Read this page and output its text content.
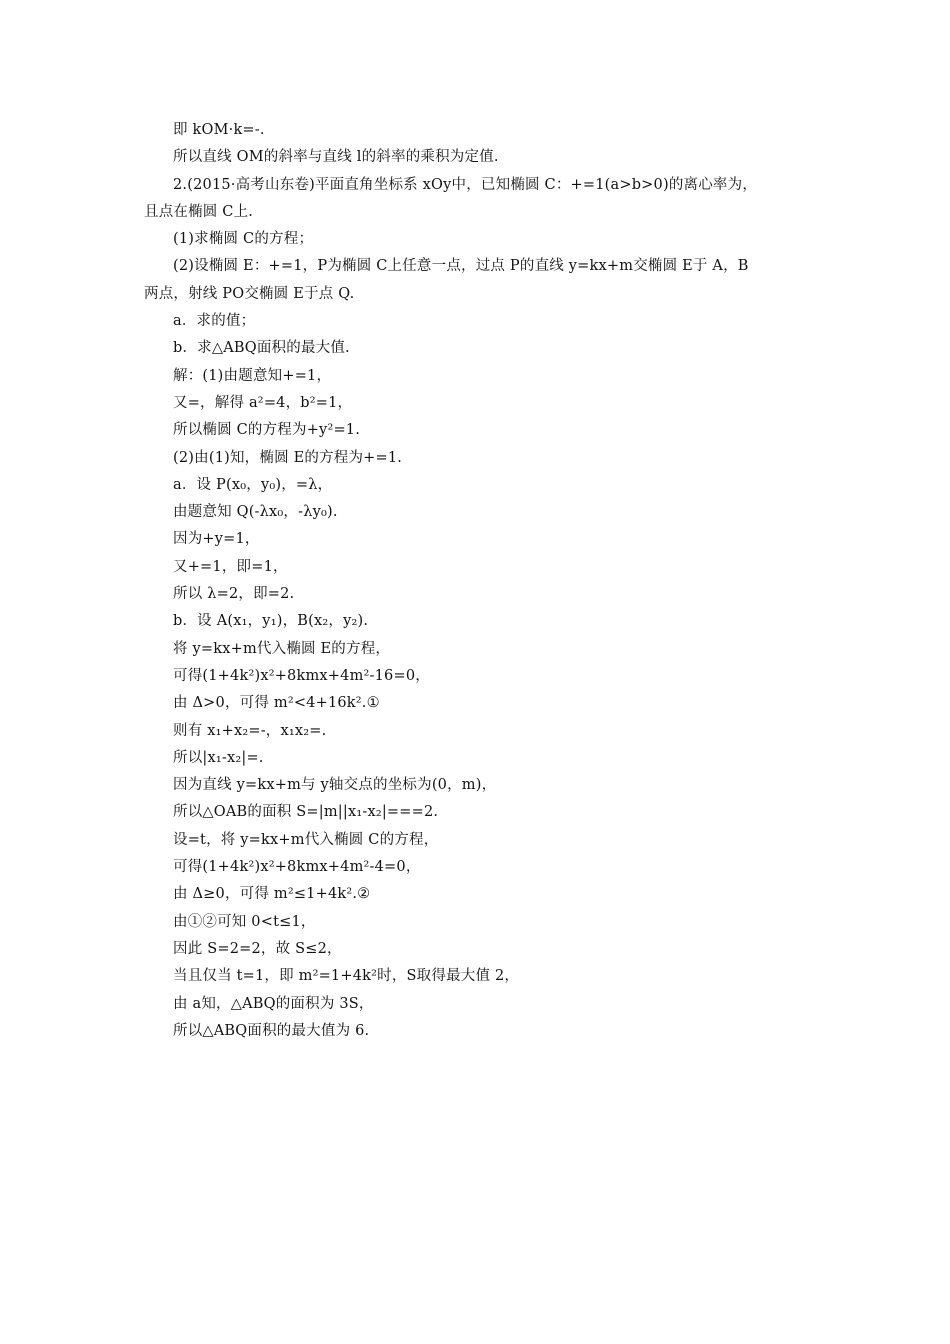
即 kOM·k=-.
所以直线 OM的斜率与直线 l的斜率的乘积为定值.
2.(2015·高考山东卷)平面直角坐标系 xOy中，已知椭圆 C：+=1(a>b>0)的离心率为，
且点在椭圆 C上.
(1)求椭圆 C的方程；
(2)设椭圆 E：+=1，P为椭圆 C上任意一点，过点 P的直线 y=kx+m交椭圆 E于 A，B
两点，射线 PO交椭圆 E于点 Q.
a．求的值；
b．求△ABQ面积的最大值.
解：(1)由题意知+=1，
又=，解得 a²=4，b²=1，
所以椭圆 C的方程为+y²=1.
(2)由(1)知，椭圆 E的方程为+=1.
a．设 P(x₀，y₀)，=λ，
由题意知 Q(-λx₀，-λy₀).
因为+y=1，
又+=1，即=1，
所以 λ=2，即=2.
b．设 A(x₁，y₁)，B(x₂，y₂).
将 y=kx+m代入椭圆 E的方程，
可得(1+4k²)x²+8kmx+4m²-16=0，
由 Δ>0，可得 m²<4+16k².①
则有 x₁+x₂=-，x₁x₂=.
所以|x₁-x₂|=.
因为直线 y=kx+m与 y轴交点的坐标为(0，m)，
所以△OAB的面积 S=|m||x₁-x₂|===2.
设=t，将 y=kx+m代入椭圆 C的方程，
可得(1+4k²)x²+8kmx+4m²-4=0，
由 Δ≥0，可得 m²≤1+4k².②
由①②可知 0<t≤1，
因此 S=2=2，故 S≤2，
当且仅当 t=1，即 m²=1+4k²时，S取得最大值 2，
由 a知，△ABQ的面积为 3S，
所以△ABQ面积的最大值为 6.
